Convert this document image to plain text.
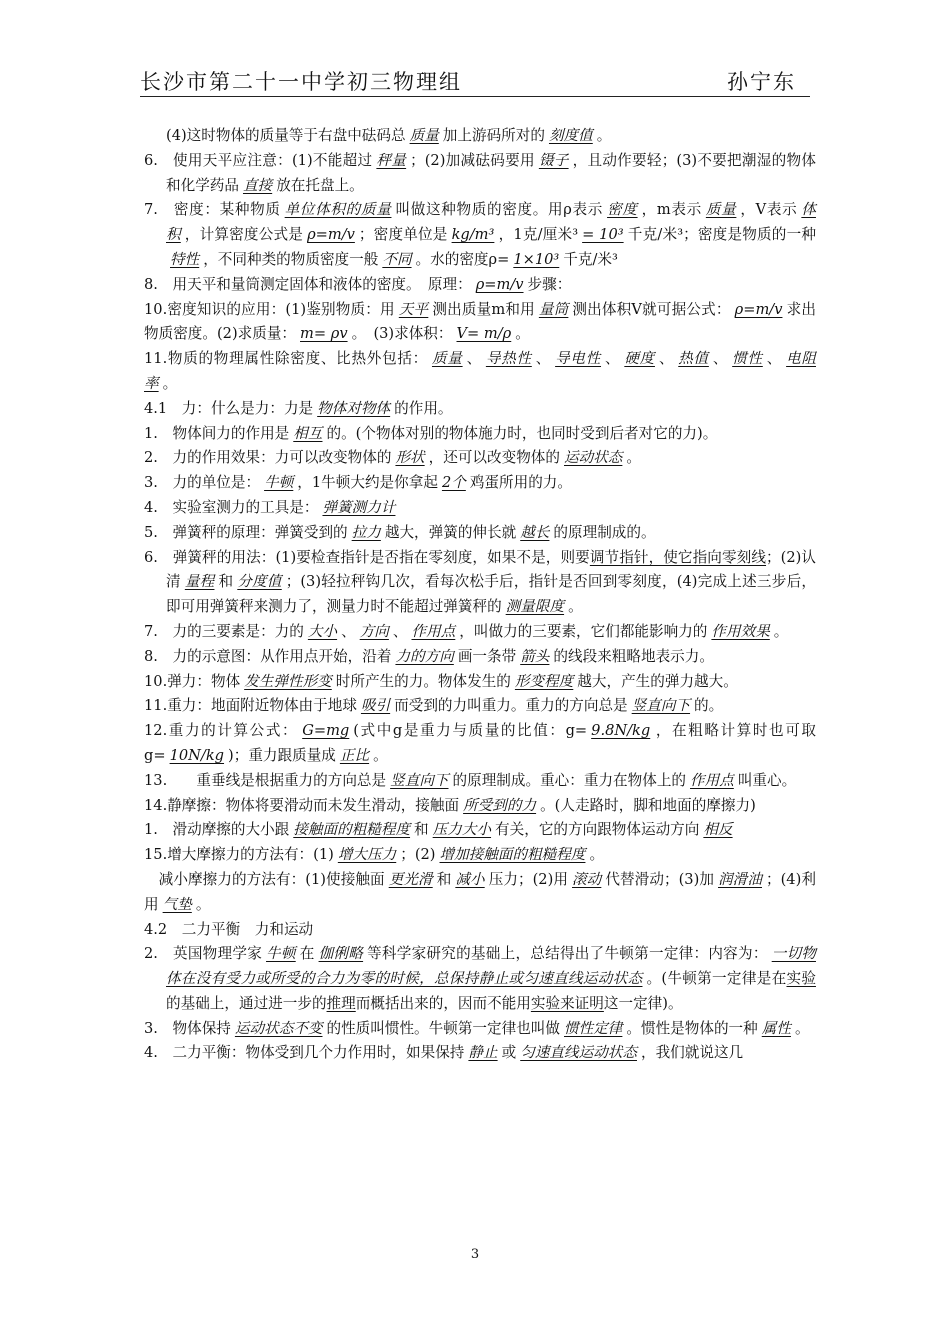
长沙市第二十一中学初三物理组	孙宁东

(4)这时物体的质量等于右盘中砝码总 质量 加上游码所对的 刻度值 。

6.　使用天平应注意：(1)不能超过 秤量 ；(2)加减砝码要用 镊子 ，且动作要轻；(3)不要把潮湿的物体和化学药品 直接 放在托盘上。

7.　密度：某种物质 单位体积的质量 叫做这种物质的密度。用ρ表示 密度 ，m表示 质量 ，V表示 体积 ，计算密度公式是 ρ=m/v ；密度单位是 kg/m³ ，1克/厘米³ = 10³ 千克/米³；密度是物质的一种特性 ，不同种类的物质密度一般 不同 。水的密度ρ= 1×10³ 千克/米³

8.　用天平和量筒测定固体和液体的密度。　原理： ρ=m/v 步骤：

10.密度知识的应用：(1)鉴别物质：用 天平 测出质量m和用 量筒 测出体积V就可据公式： ρ=m/v 求出物质密度。(2)求质量： m= ρv 。　(3)求体积： V= m/ρ 。

11.物质的物理属性除密度、比热外包括： 质量 、 导热性 、 导电性 、 硬度 、 热值 、 惯性 、 电阻率 。

4.1　力：什么是力：力是 物体对物体 的作用。

1.　物体间力的作用是 相互 的。(个物体对别的物体施力时，也同时受到后者对它的力)。

2.　力的作用效果：力可以改变物体的 形状 ，还可以改变物体的 运动状态 。

3.　力的单位是： 牛顿 ，1牛顿大约是你拿起 2个 鸡蛋所用的力。

4.　实验室测力的工具是： 弹簧测力计

5.　弹簧秤的原理：弹簧受到的 拉力 越大，弹簧的伸长就 越长 的原理制成的。

6.　弹簧秤的用法：(1)要检查指针是否指在零刻度，如果不是，则要调节指针，使它指向零刻线；(2)认清 量程 和 分度值 ；(3)轻拉秤钩几次，看每次松手后，指针是否回到零刻度，(4)完成上述三步后，即可用弹簧秤来测力了，测量力时不能超过弹簧秤的 测量限度 。

7.　力的三要素是：力的 大小 、 方向 、 作用点 ，叫做力的三要素，它们都能影响力的 作用效果 。

8.　力的示意图：从作用点开始，沿着 力的方向 画一条带 箭头 的线段来粗略地表示力。

10.弹力：物体 发生弹性形变 时所产生的力。物体发生的 形变程度 越大，产生的弹力越大。

11.重力：地面附近物体由于地球 吸引 而受到的力叫重力。重力的方向总是 竖直向下 的。

12.重力的计算公式： G=mg (式中g是重力与质量的比值：g= 9.8N/kg ，在粗略计算时也可取g= 10N/kg )；重力跟质量成 正比 。

13.　　重垂线是根据重力的方向总是 竖直向下 的原理制成。重心：重力在物体上的 作用点 叫重心。

14.静摩擦：物体将要滑动而未发生滑动，接触面 所受到的力 。(人走路时，脚和地面的摩擦力)

1.　滑动摩擦的大小跟 接触面的粗糙程度 和 压力大小 有关，它的方向跟物体运动方向 相反

15.增大摩擦力的方法有：(1) 增大压力 ；(2) 增加接触面的粗糙程度 。

　减小摩擦力的方法有：(1)使接触面 更光滑 和 减小 压力；(2)用 滚动 代替滑动；(3)加 润滑油 ；(4)利用 气垫 。

4.2　二力平衡　力和运动

2.　英国物理学家 牛顿 在 伽俐略 等科学家研究的基础上，总结得出了牛顿第一定律：内容为： 一切物体在没有受力或所受的合力为零的时候，总保持静止或匀速直线运动状态 。(牛顿第一定律是在实验的基础上，通过进一步的推理而概括出来的，因而不能用实验来证明这一定律)。

3.　物体保持 运动状态不变 的性质叫惯性。牛顿第一定律也叫做 惯性定律 。惯性是物体的一种 属性 。

4.　二力平衡：物体受到几个力作用时，如果保持 静止 或 匀速直线运动状态 ，我们就说这几

3
